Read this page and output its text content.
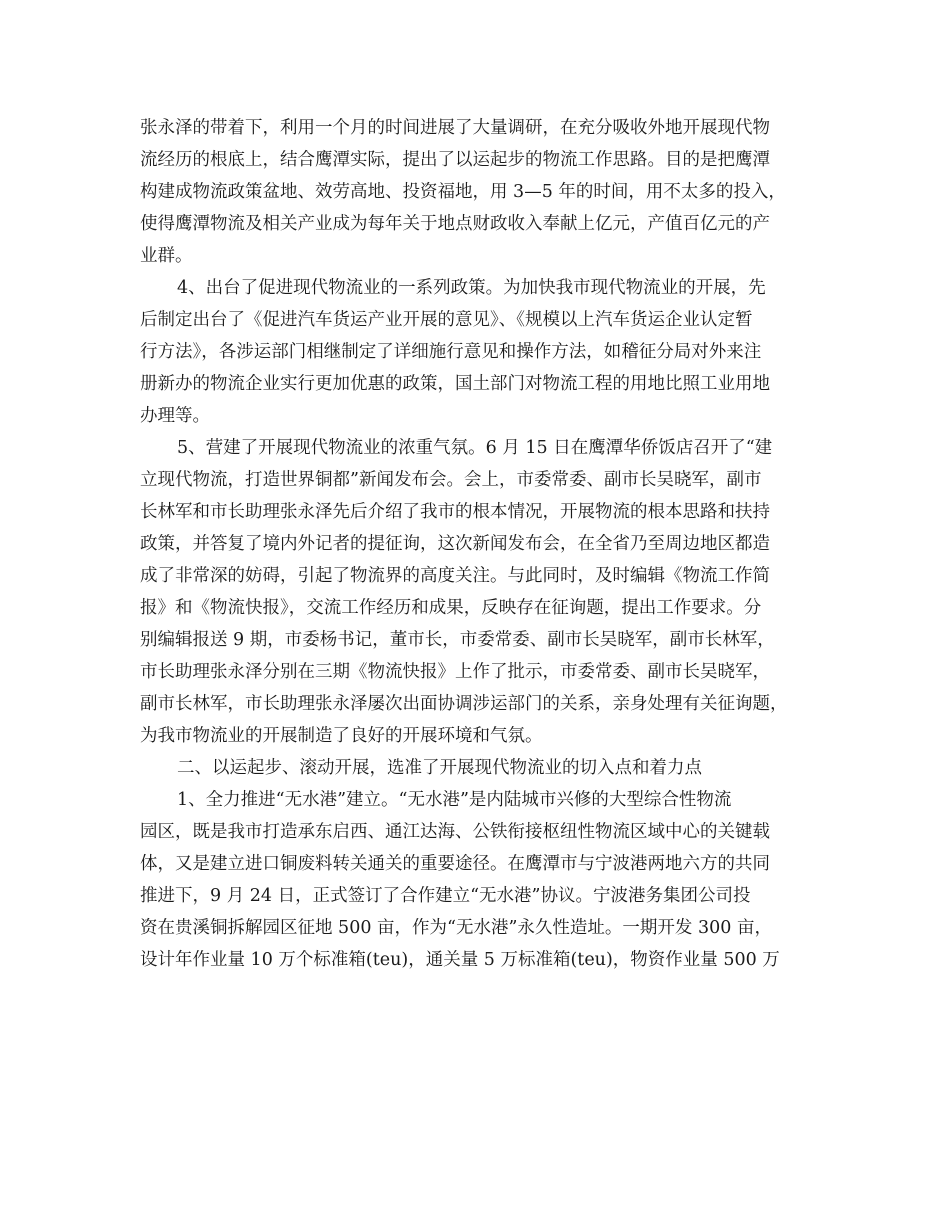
张永泽的带着下，利用一个月的时间进展了大量调研，在充分吸收外地开展现代物
流经历的根底上，结合鹰潭实际，提出了以运起步的物流工作思路。目的是把鹰潭
构建成物流政策盆地、效劳高地、投资福地，用 3—5 年的时间，用不太多的投入，
使得鹰潭物流及相关产业成为每年关于地点财政收入奉献上亿元，产值百亿元的产
业群。
4、出台了促进现代物流业的一系列政策。为加快我市现代物流业的开展，先
后制定出台了《促进汽车货运产业开展的意见》、《规模以上汽车货运企业认定暂
行方法》，各涉运部门相继制定了详细施行意见和操作方法，如稽征分局对外来注
册新办的物流企业实行更加优惠的政策，国土部门对物流工程的用地比照工业用地
办理等。
5、营建了开展现代物流业的浓重气氛。6 月 15 日在鹰潭华侨饭店召开了“建
立现代物流，打造世界铜都”新闻发布会。会上，市委常委、副市长吴晓军，副市
长林军和市长助理张永泽先后介绍了我市的根本情况，开展物流的根本思路和扶持
政策，并答复了境内外记者的提征询，这次新闻发布会，在全省乃至周边地区都造
成了非常深的妨碍，引起了物流界的高度关注。与此同时，及时编辑《物流工作简
报》和《物流快报》，交流工作经历和成果，反映存在征询题，提出工作要求。分
别编辑报送 9 期，市委杨书记，董市长，市委常委、副市长吴晓军，副市长林军，
市长助理张永泽分别在三期《物流快报》上作了批示，市委常委、副市长吴晓军，
副市长林军，市长助理张永泽屡次出面协调涉运部门的关系，亲身处理有关征询题，
为我市物流业的开展制造了良好的开展环境和气氛。
二、以运起步、滚动开展，选准了开展现代物流业的切入点和着力点
1、全力推进“无水港”建立。“无水港”是内陆城市兴修的大型综合性物流
园区，既是我市打造承东启西、通江达海、公铁衔接枢纽性物流区域中心的关键载
体，又是建立进口铜废料转关通关的重要途径。在鹰潭市与宁波港两地六方的共同
推进下，9 月 24 日，正式签订了合作建立“无水港”协议。宁波港务集团公司投
资在贵溪铜拆解园区征地 500 亩，作为“无水港”永久性造址。一期开发 300 亩，
设计年作业量 10 万个标准箱(teu)，通关量 5 万标准箱(teu)，物资作业量 500 万
